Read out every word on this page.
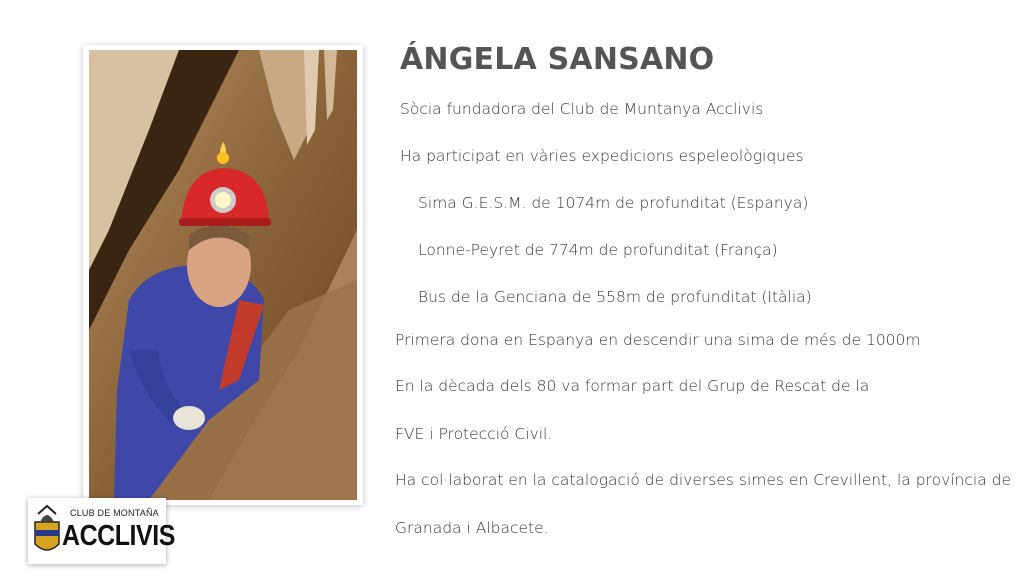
CLUB DE MONTAÑA
ACCLIVIS
ÁNGELA SANSANO

Sòcia fundadora del Club de Muntanya Acclivis

Ha participat en vàries expedicions espeleològiques

Sima G.E.S.M. de 1074m de profunditat (Espanya)

Lonne-Peyret de 774m de profunditat (França)

Bus de la Genciana de 558m de profunditat (Itàlia)

Primera dona en Espanya en descendir una sima de més de 1000m

En la dècada dels 80 va formar part del Grup de Rescat de la

FVE i Protecció Civil.

Ha col·laborat en la catalogació de diverses simes en Crevillent, la província de

Granada i Albacete.
